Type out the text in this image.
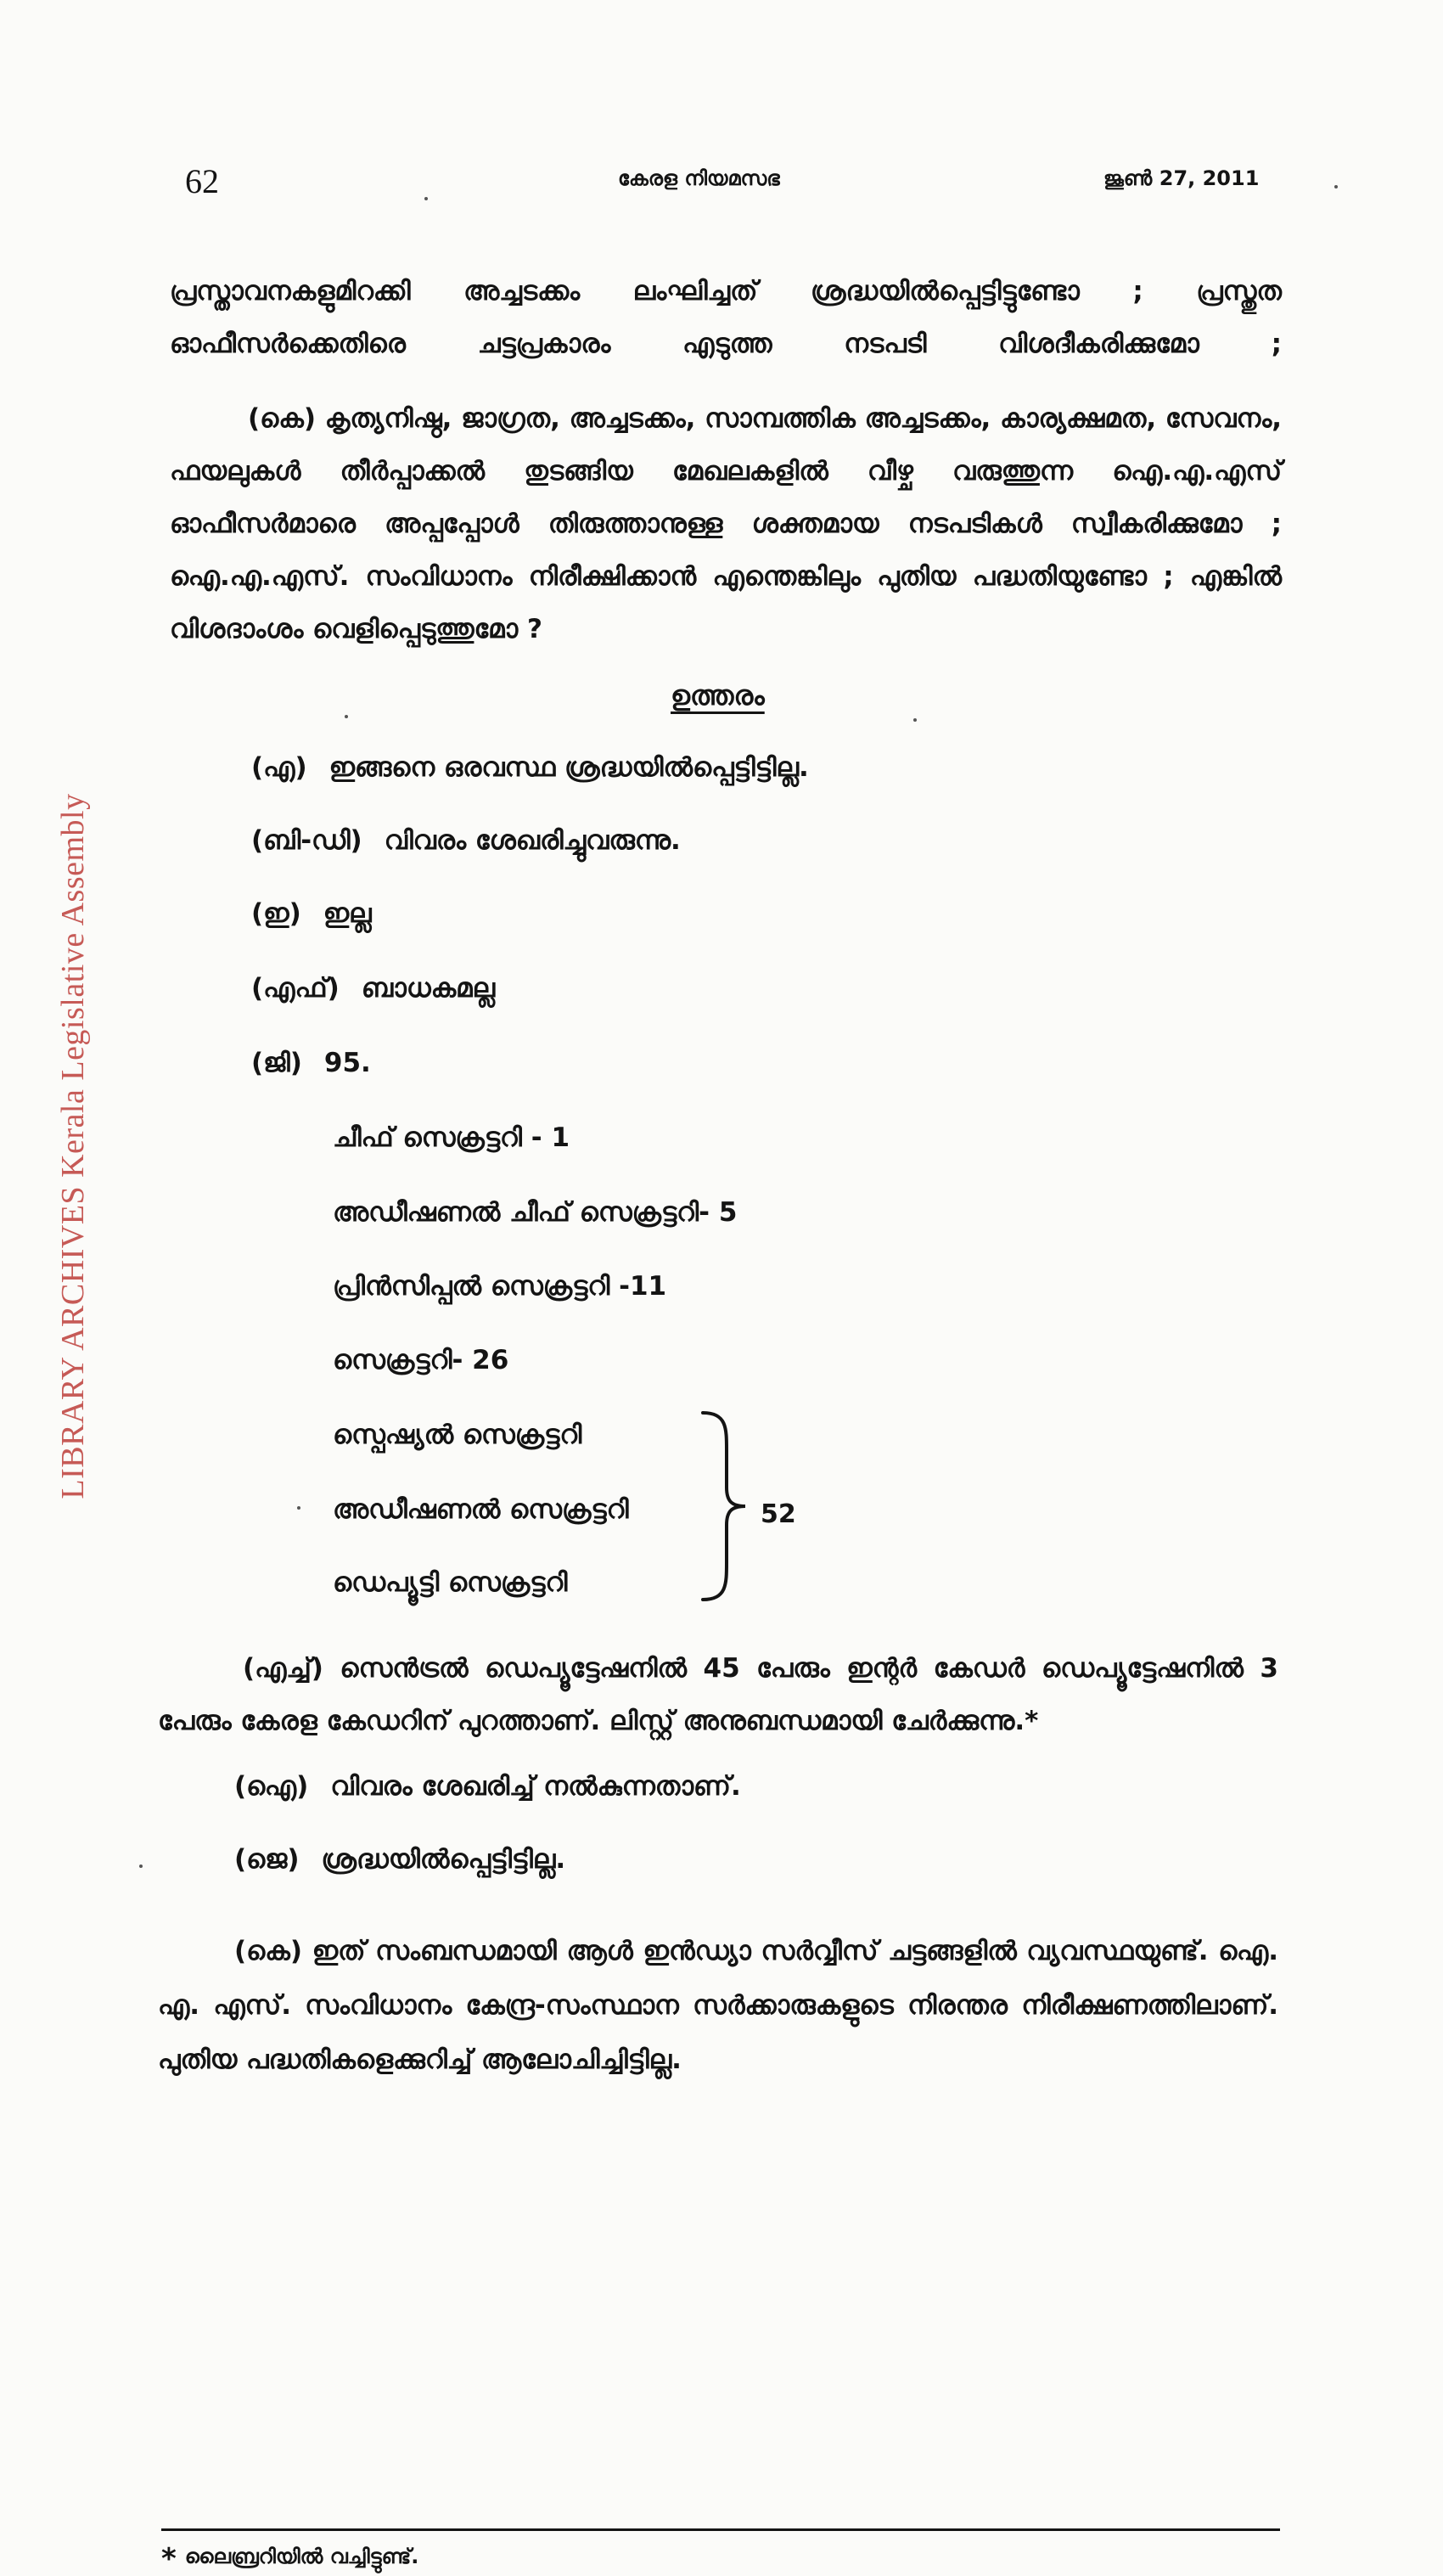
LIBRARY ARCHIVES Kerala Legislative Assembly
62	കേരള നിയമസഭ	ജൂൺ 27, 2011
പ്രസ്താവനകളുമിറക്കി അച്ചടക്കം ലംഘിച്ചത് ശ്രദ്ധയിൽപ്പെട്ടിട്ടുണ്ടോ ; പ്രസ്തുത ഓഫീസർക്കെതിരെ ചട്ടപ്രകാരം എടുത്ത നടപടി വിശദീകരിക്കുമോ ;
(കെ) കൃത്യനിഷ്ഠ, ജാഗ്രത, അച്ചടക്കം, സാമ്പത്തിക അച്ചടക്കം, കാര്യക്ഷമത, സേവനം, ഫയലുകൾ തീർപ്പാക്കൽ തുടങ്ങിയ മേഖലകളിൽ വീഴ്ച വരുത്തുന്ന ഐ.എ.എസ് ഓഫീസർമാരെ അപ്പപ്പോൾ തിരുത്താനുള്ള ശക്തമായ നടപടികൾ സ്വീകരിക്കുമോ ; ഐ.എ.എസ്. സംവിധാനം നിരീക്ഷിക്കാൻ എന്തെങ്കിലും പുതിയ പദ്ധതിയുണ്ടോ ; എങ്കിൽ വിശദാംശം വെളിപ്പെടുത്തുമോ ?
ഉത്തരം
(എ) ഇങ്ങനെ ഒരവസ്ഥ ശ്രദ്ധയിൽപ്പെട്ടിട്ടില്ല.
(ബി-ഡി) വിവരം ശേഖരിച്ചുവരുന്നു.
(ഇ) ഇല്ല
(എഫ്) ബാധകമല്ല
(ജി) 95.
ചീഫ് സെക്രട്ടറി - 1
അഡീഷണൽ ചീഫ് സെക്രട്ടറി- 5
പ്രിൻസിപ്പൽ സെക്രട്ടറി -11
സെക്രട്ടറി- 26
സ്പെഷ്യൽ സെക്രട്ടറി
അഡീഷണൽ സെക്രട്ടറി
ഡെപ്യൂട്ടി സെക്രട്ടറി
52
(എച്ച്) സെൻട്രൽ ഡെപ്യൂട്ടേഷനിൽ 45 പേരും ഇന്റർ കേഡർ ഡെപ്യൂട്ടേഷനിൽ 3 പേരും കേരള കേഡറിന് പുറത്താണ്. ലിസ്റ്റ് അനുബന്ധമായി ചേർക്കുന്നു.*
(ഐ) വിവരം ശേഖരിച്ച് നൽകുന്നതാണ്.
(ജെ) ശ്രദ്ധയിൽപ്പെട്ടിട്ടില്ല.
(കെ) ഇത് സംബന്ധമായി ആൾ ഇൻഡ്യാ സർവ്വീസ് ചട്ടങ്ങളിൽ വ്യവസ്ഥയുണ്ട്. ഐ. എ. എസ്. സംവിധാനം കേന്ദ്ര-സംസ്ഥാന സർക്കാരുകളുടെ നിരന്തര നിരീക്ഷണത്തിലാണ്. പുതിയ പദ്ധതികളെക്കുറിച്ച് ആലോചിച്ചിട്ടില്ല.
* ലൈബ്രറിയിൽ വച്ചിട്ടുണ്ട്.
